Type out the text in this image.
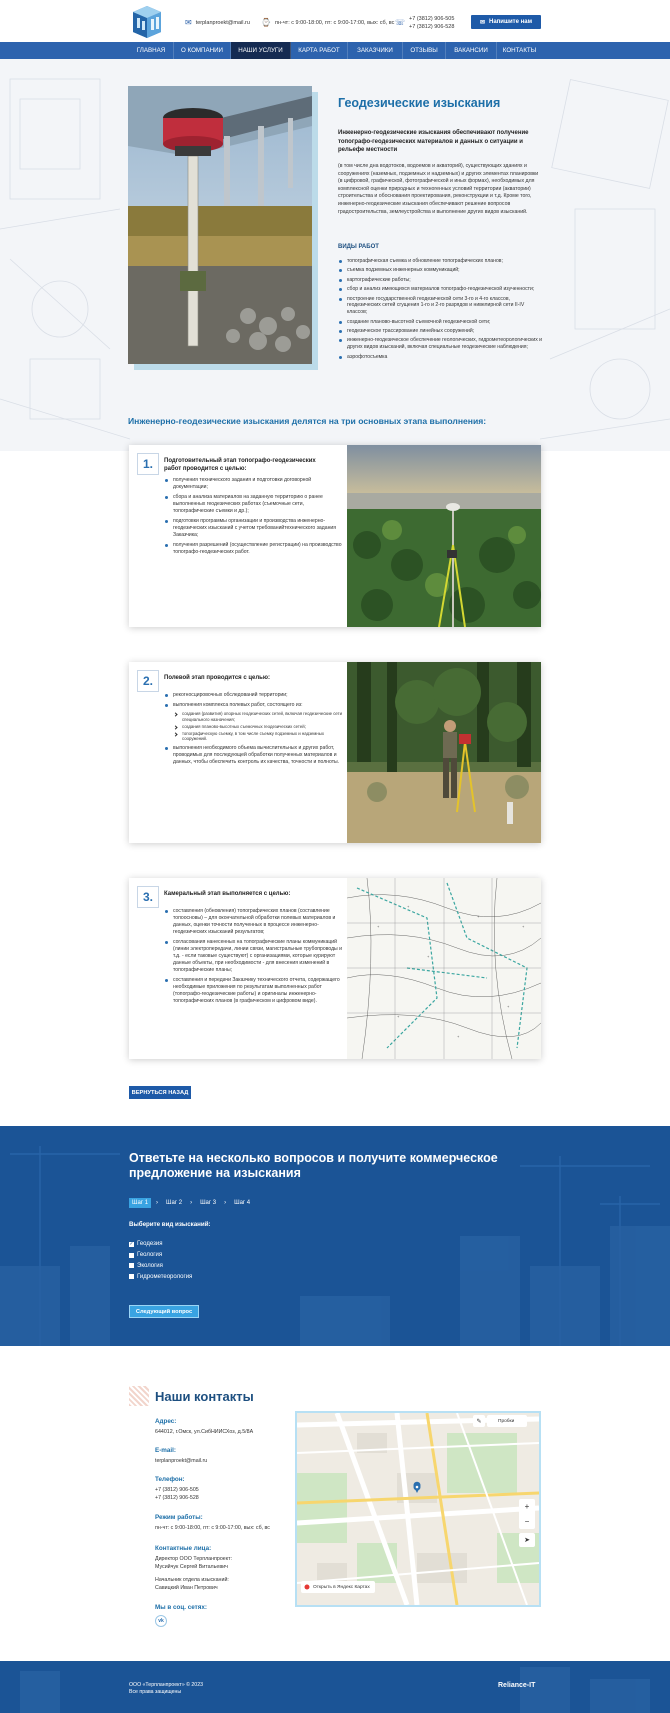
✉ terplanproekt@mail.ru ⌚ пн-чт: с 9:00-18:00, пт: с 9:00-17:00, вых: сб, вс ☏ +7 (3812) 906-505
+7 (3812) 906-528
✉ Напишите нам
ГЛАВНАЯ	О КОМПАНИИ	НАШИ УСЛУГИ	КАРТА РАБОТ	ЗАКАЗЧИКИ	ОТЗЫВЫ	ВАКАНСИИ	КОНТАКТЫ
Геодезические изыскания

Инженерно-геодезические изыскания обеспечивают получение топографо-геодезических материалов и данных о ситуации и рельефе местности

(в том числе дна водотоков, водоемов и акваторий), существующих зданиях и сооружениях (наземных, подземных и надземных) и других элементах планировки (в цифровой, графической, фотографической и иных формах), необходимых для комплексной оценки природных и техногенных условий территории (акватории) строительства и обоснования проектирования, реконструкции и т.д. Кроме того, инженерно-геодезические изыскания обеспечивают решение вопросов градостроительства, землеустройства и выполнение других видов изысканий.

ВИДЫ РАБОТ
топографическая съемка и обновление топографических планов;
съемка подземных инженерных коммуникаций;
картографические работы;
сбор и анализ имеющихся материалов топографо-геодезической изученности;
построение государственной геодезической сети 3-го и 4-го классов, геодезических сетей сгущения 1-го и 2-го разрядов и нивелирной сети II-IV классов;
создание планово-высотной съемочной геодезической сети;
геодезическое трассирование линейных сооружений;
инженерно-геодезическое обеспечение геологических, гидрометеорологических и других видов изысканий, включая специальные геодезические наблюдения;
аэрофотосъемка
Инженерно-геодезические изыскания делятся на три основных этапа выполнения:
1.	Подготовительный этап топографо-геодезических работ проводится с целью:
получения технического задания и подготовки договорной документации;
сбора и анализа материалов на заданную территорию о ранее выполненных геодезических работах (съемочные сети, топографические съемки и др.);
подготовки программы организации и производства инженерно-геодезических изысканий с учетом требованийтехнического задания Заказчика;
получения разрешений (осуществление регистрации) на производство топографо-геодезических работ.
2.	Полевой этап проводится с целью:
рекогносцировочных обследований территории;
выполнения комплекса полевых работ, состоящего из:
создания (развития) опорных геодезических сетей, включая геодезические сети специального назначения;
создания планово-высотных съемочных геодезических сетей;
топографическую съемку, в том числе съемку подземных и надземных сооружений.
выполнения необходимого объема вычислительных и других работ, проводимых для последующей обработки полученных материалов и данных, чтобы обеспечить контроль их качества, точности и полноты.
3.	Камеральный этап выполняется с целью:
составления (обновления) топографических планов (составление топоосновы) – для окончательной обработки полевых материалов и данных, оценки точности полученных в процессе инженерно-геодезических изысканий результатов;
согласования нанесенных на топографические планы коммуникаций (линии электропередачи, линии связи, магистральные трубопроводы и т.д. - если таковые существуют) с организациями, которые курируют данные объекты, при необходимости - для внесения изменений в топографические планы;
составления и передачи Заказчику технического отчета, содержащего необходимые приложения по результатам выполненных работ (топографо-геодезические работы) и оригиналы инженерно-топографических планов (в графическом и цифровом виде).
+
+
+
+
+
+
+
+
ВЕРНУТЬСЯ НАЗАД
Ответьте на несколько вопросов и получите коммерческое предложение на изыскания
Шаг 1	›	Шаг 2	›	Шаг 3	›	Шаг 4
Выберите вид изысканий:
✓ Геодезия
Геология
Экология
Гидрометеорология
Следующий вопрос
Наши контакты
Адрес:
644012, г.Омск, ул.СибНИИСХоз, д.5/8А
E-mail:
terplanproekt@mail.ru
Телефон:
+7 (3812) 906-505
+7 (3812) 906-528
Режим работы:
пн-чт: с 9:00-18:00, пт: с 9:00-17:00, вых: сб, вс
Контактные лица:
Директор ООО Терпланпроект:
Мусийчук Сергей Витальевич
Начальник отдела изысканий:
Савицкий Иван Петрович
Мы в соц. сетях:
vk
Открыть в Яндекс Картах
Пробки
✎
+
−
➤
ООО «Терпланпроект» © 2023
Все права защищены
Reliance-IT
